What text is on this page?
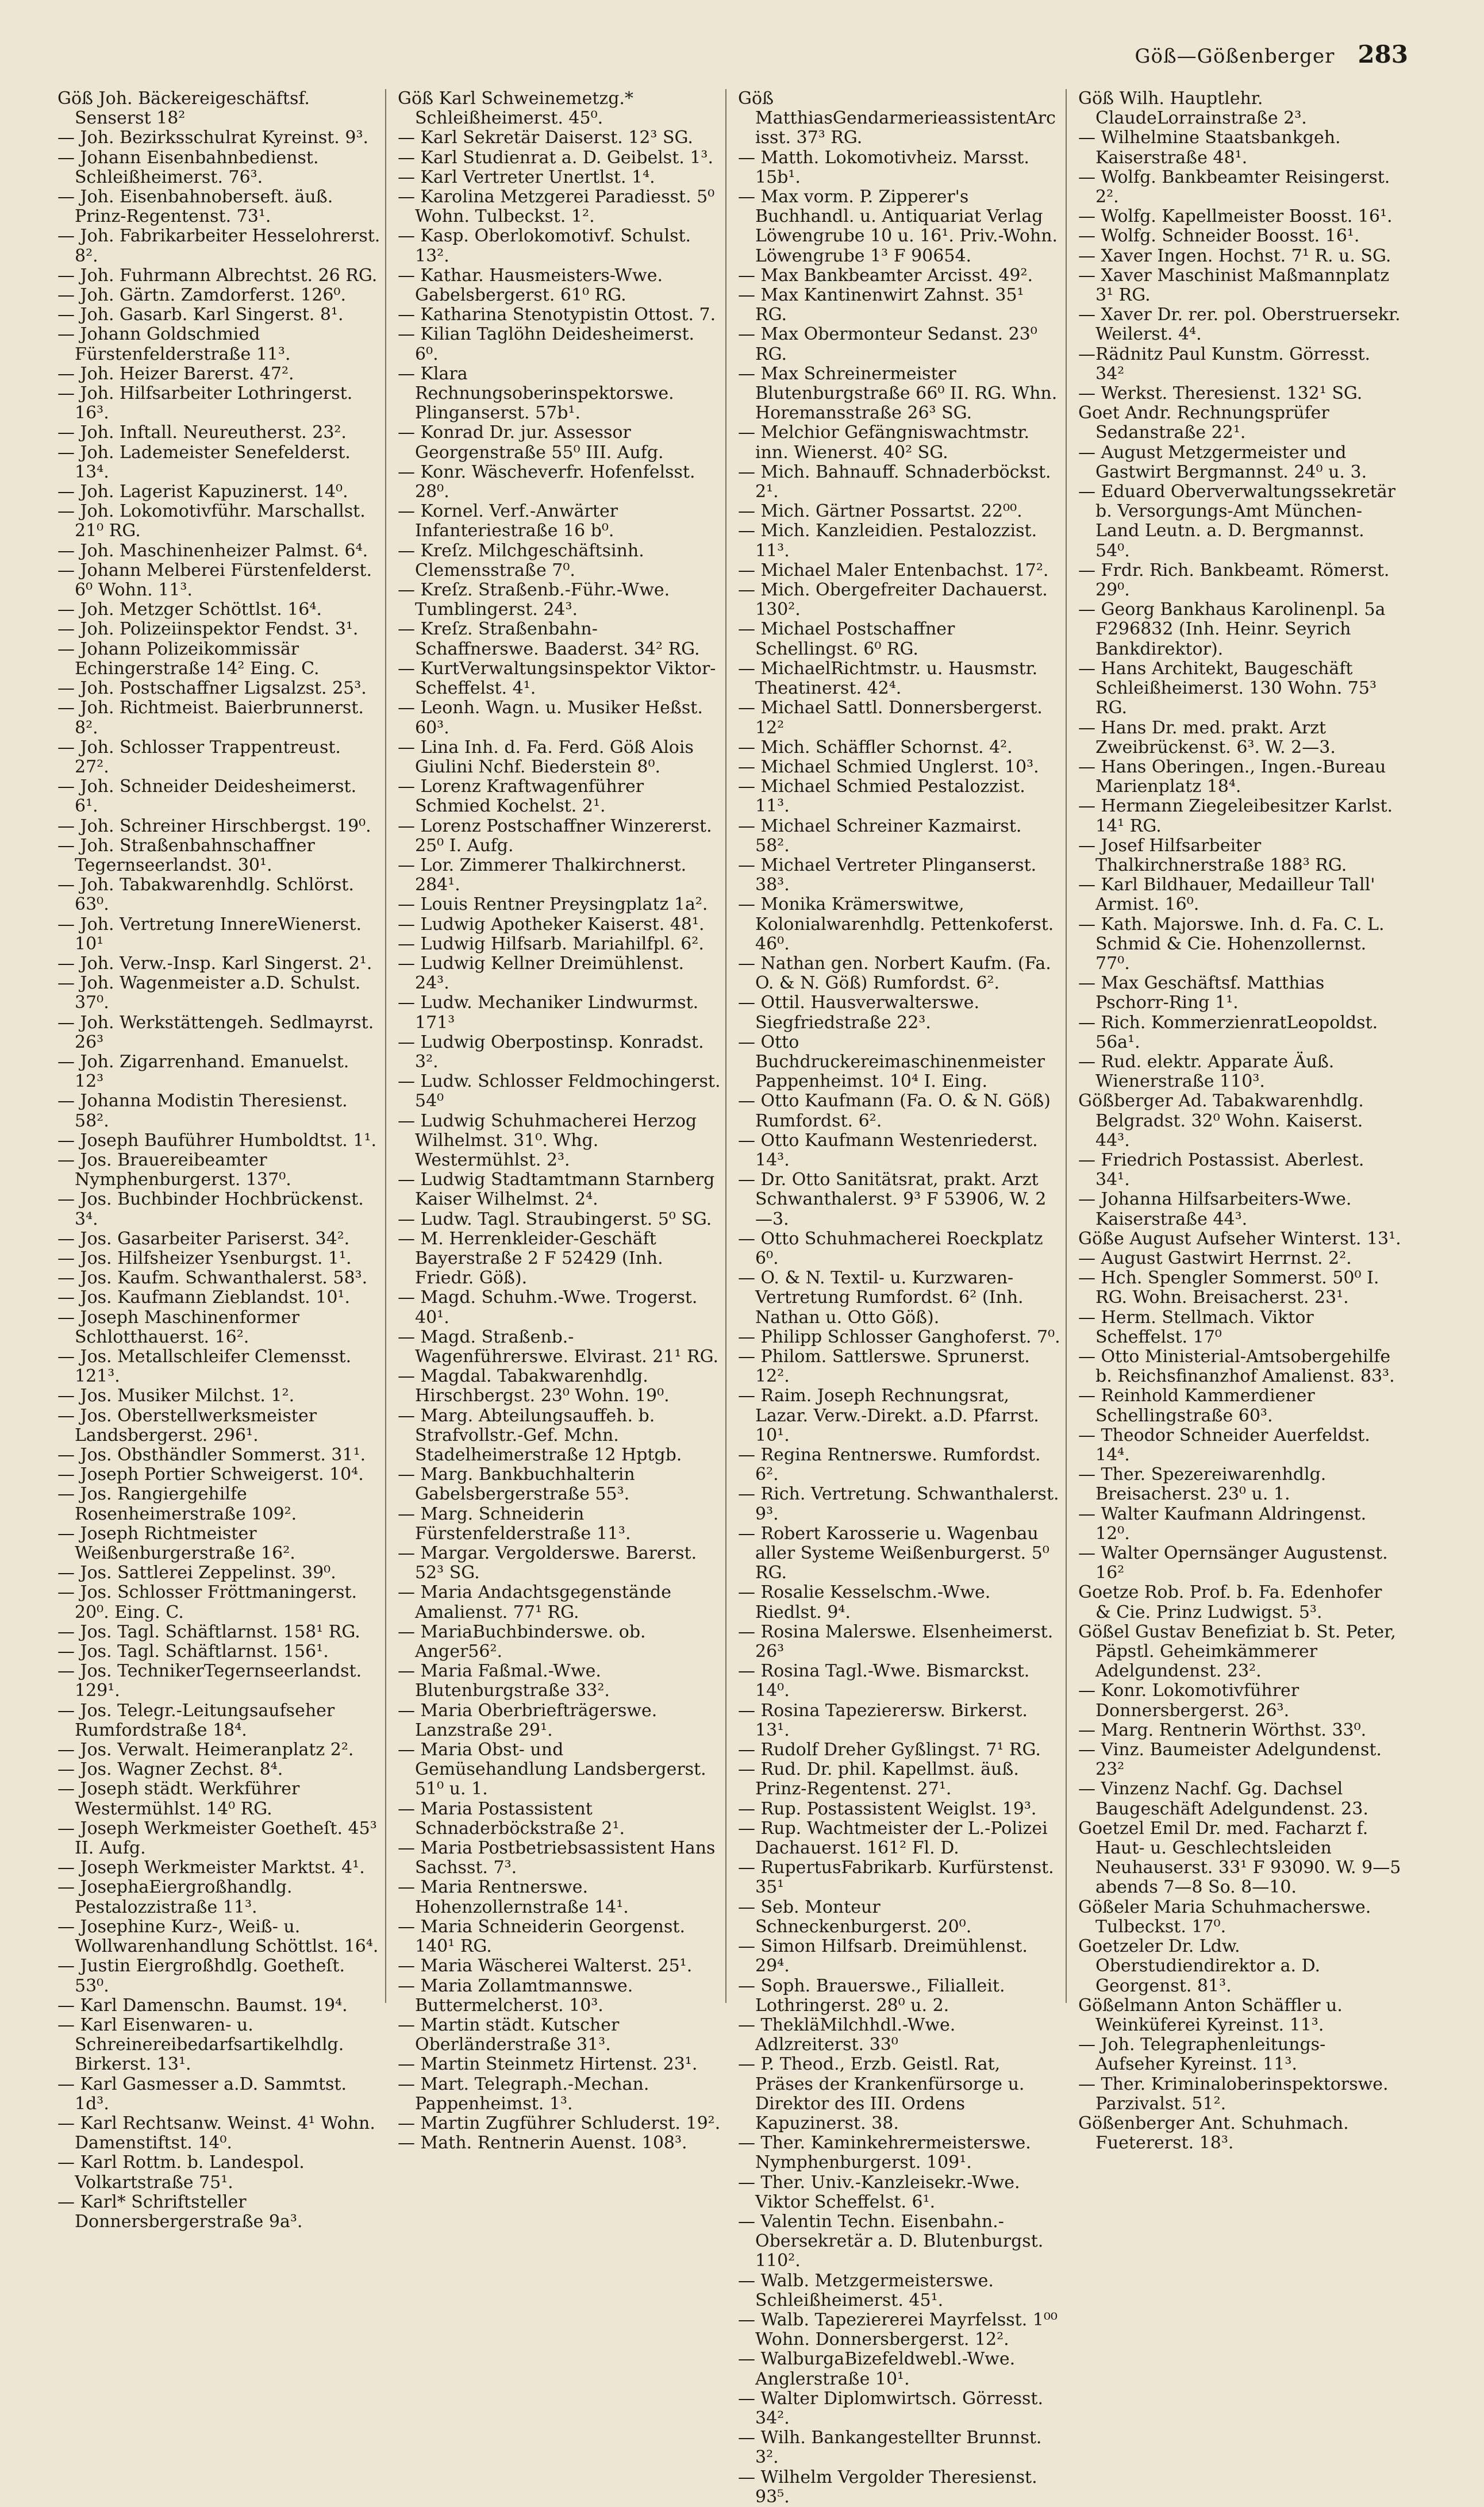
Göß—Gößenberger 283

Göß Joh. Bäckereigeschäftsf. Senserst 18²

— Joh. Bezirksschulrat Kyreinst. 9³.

— Johann Eisenbahnbedienst. Schleißheimerst. 76³.

— Joh. Eisenbahnoberseft. äuß. Prinz-Regentenst. 73¹.

— Joh. Fabrikarbeiter Hesselohrerst. 8².

— Joh. Fuhrmann Albrechtst. 26 RG.

— Joh. Gärtn. Zamdorferst. 126⁰.

— Joh. Gasarb. Karl Singerst. 8¹.

— Johann Goldschmied Fürstenfelderstraße 11³.

— Joh. Heizer Barerst. 47².

— Joh. Hilfsarbeiter Lothringerst. 16³.

— Joh. Inftall. Neureutherst. 23².

— Joh. Lademeister Senefelderst. 13⁴.

— Joh. Lagerist Kapuzinerst. 14⁰.

— Joh. Lokomotivführ. Marschallst. 21⁰ RG.

— Joh. Maschinenheizer Palmst. 6⁴.

— Johann Melberei Fürstenfelderst. 6⁰ Wohn. 11³.

— Joh. Metzger Schöttlst. 16⁴.

— Joh. Polizeiinspektor Fendst. 3¹.

— Johann Polizeikommissär Echingerstraße 14² Eing. C.

— Joh. Postschaffner Ligsalzst. 25³.

— Joh. Richtmeist. Baierbrunnerst. 8².

— Joh. Schlosser Trappentreust. 27².

— Joh. Schneider Deidesheimerst. 6¹.

— Joh. Schreiner Hirschbergst. 19⁰.

— Joh. Straßenbahnschaffner Tegernseerlandst. 30¹.

— Joh. Tabakwarenhdlg. Schlörst. 63⁰.

— Joh. Vertretung InnereWienerst. 10¹

— Joh. Verw.-Insp. Karl Singerst. 2¹.

— Joh. Wagenmeister a.D. Schulst. 37⁰.

— Joh. Werkstättengeh. Sedlmayrst. 26³

— Joh. Zigarrenhand. Emanuelst. 12³

— Johanna Modistin Theresienst. 58².

— Joseph Bauführer Humboldtst. 1¹.

— Jos. Brauereibeamter Nymphenburgerst. 137⁰.

— Jos. Buchbinder Hochbrückenst. 3⁴.

— Jos. Gasarbeiter Pariserst. 34².

— Jos. Hilfsheizer Ysenburgst. 1¹.

— Jos. Kaufm. Schwanthalerst. 58³.

— Jos. Kaufmann Zieblandst. 10¹.

— Joseph Maschinenformer Schlotthauerst. 16².

— Jos. Metallschleifer Clemensst. 121³.

— Jos. Musiker Milchst. 1².

— Jos. Oberstellwerksmeister Landsbergerst. 296¹.

— Jos. Obsthändler Sommerst. 31¹.

— Joseph Portier Schweigerst. 10⁴.

— Jos. Rangiergehilfe Rosenheimerstraße 109².

— Joseph Richtmeister Weißenburgerstraße 16².

— Jos. Sattlerei Zeppelinst. 39⁰.

— Jos. Schlosser Fröttmaningerst. 20⁰. Eing. C.

— Jos. Tagl. Schäftlarnst. 158¹ RG.

— Jos. Tagl. Schäftlarnst. 156¹.

— Jos. TechnikerTegernseerlandst. 129¹.

— Jos. Telegr.-Leitungsaufseher Rumfordstraße 18⁴.

— Jos. Verwalt. Heimeranplatz 2².

— Jos. Wagner Zechst. 8⁴.

— Joseph städt. Werkführer Westermühlst. 14⁰ RG.

— Joseph Werkmeister Goetheſt. 45³ II. Aufg.

— Joseph Werkmeister Marktst. 4¹.

— JosephaEiergroßhandlg. Pestalozzistraße 11³.

— Josephine Kurz-, Weiß- u. Wollwarenhandlung Schöttlst. 16⁴.

— Justin Eiergroßhdlg. Goetheſt. 53⁰.

— Karl Damenschn. Baumst. 19⁴.

— Karl Eisenwaren- u. Schreinereibedarfsartikelhdlg. Birkerst. 13¹.

— Karl Gasmesser a.D. Sammtst. 1d³.

— Karl Rechtsanw. Weinst. 4¹ Wohn. Damenstiftst. 14⁰.

— Karl Rottm. b. Landespol. Volkartstraße 75¹.

— Karl* Schriftsteller Donnersbergerstraße 9a³.

Göß Karl Schweinemetzg.* Schleißheimerst. 45⁰.

— Karl Sekretär Daiserst. 12³ SG.

— Karl Studienrat a. D. Geibelst. 1³.

— Karl Vertreter Unertlst. 1⁴.

— Karolina Metzgerei Paradiesst. 5⁰ Wohn. Tulbeckst. 1².

— Kasp. Oberlokomotivf. Schulst. 13².

— Kathar. Hausmeisters-Wwe. Gabelsbergerst. 61⁰ RG.

— Katharina Stenotypistin Ottost. 7.

— Kilian Taglöhn Deidesheimerst. 6⁰.

— Klara Rechnungsoberinspektorswe. Plinganserst. 57b¹.

— Konrad Dr. jur. Assessor Georgenstraße 55⁰ III. Aufg.

— Konr. Wäscheverfr. Hofenfelsst. 28⁰.

— Kornel. Verf.-Anwärter Infanteriestraße 16 b⁰.

— Kreſz. Milchgeschäftsinh. Clemensstraße 7⁰.

— Kreſz. Straßenb.-Führ.-Wwe. Tumblingerst. 24³.

— Kreſz. Straßenbahn-Schaffnerswe. Baaderst. 34² RG.

— KurtVerwaltungsinspektor Viktor-Scheffelst. 4¹.

— Leonh. Wagn. u. Musiker Heßst. 60³.

— Lina Inh. d. Fa. Ferd. Göß Alois Giulini Nchf. Biederstein 8⁰.

— Lorenz Kraftwagenführer Schmied Kochelst. 2¹.

— Lorenz Postschaffner Winzererst. 25⁰ I. Aufg.

— Lor. Zimmerer Thalkirchnerst. 284¹.

— Louis Rentner Preysingplatz 1a².

— Ludwig Apotheker Kaiserst. 48¹.

— Ludwig Hilfsarb. Mariahilfpl. 6².

— Ludwig Kellner Dreimühlenst. 24³.

— Ludw. Mechaniker Lindwurmst. 171³

— Ludwig Oberpostinsp. Konradst. 3².

— Ludw. Schlosser Feldmochingerst. 54⁰

— Ludwig Schuhmacherei Herzog Wilhelmst. 31⁰. Whg. Westermühlst. 2³.

— Ludwig Stadtamtmann Starnberg Kaiser Wilhelmst. 2⁴.

— Ludw. Tagl. Straubingerst. 5⁰ SG.

— M. Herrenkleider-Geschäft Bayerstraße 2 F 52429 (Inh. Friedr. Göß).

— Magd. Schuhm.-Wwe. Trogerst. 40¹.

— Magd. Straßenb.-Wagenführerswe. Elvirast. 21¹ RG.

— Magdal. Tabakwarenhdlg. Hirschbergst. 23⁰ Wohn. 19⁰.

— Marg. Abteilungsauffeh. b. Strafvollstr.-Gef. Mchn. Stadelheimerstraße 12 Hptgb.

— Marg. Bankbuchhalterin Gabelsbergerstraße 55³.

— Marg. Schneiderin Fürstenfelderstraße 11³.

— Margar. Vergolderswe. Barerst. 52³ SG.

— Maria Andachtsgegenstände Amalienst. 77¹ RG.

— MariaBuchbinderswe. ob. Anger56².

— Maria Faßmal.-Wwe. Blutenburgstraße 33².

— Maria Oberbriefträgerswe. Lanzstraße 29¹.

— Maria Obst- und Gemüsehandlung Landsbergerst. 51⁰ u. 1.

— Maria Postassistent Schnaderböckstraße 2¹.

— Maria Postbetriebsassistent Hans Sachsst. 7³.

— Maria Rentnerswe. Hohenzollernstraße 14¹.

— Maria Schneiderin Georgenst. 140¹ RG.

— Maria Wäscherei Walterst. 25¹.

— Maria Zollamtmannswe. Buttermelcherst. 10³.

— Martin städt. Kutscher Oberländerstraße 31³.

— Martin Steinmetz Hirtenst. 23¹.

— Mart. Telegraph.-Mechan. Pappenheimst. 1³.

— Martin Zugführer Schluderst. 19².

— Math. Rentnerin Auenst. 108³.

Göß MatthiasGendarmerieassistentArcisst. 37³ RG.

— Matth. Lokomotivheiz. Marsst. 15b¹.

— Max vorm. P. Zipperer's Buchhandl. u. Antiquariat Verlag Löwengrube 10 u. 16¹. Priv.-Wohn. Löwengrube 1³ F 90654.

— Max Bankbeamter Arcisst. 49².

— Max Kantinenwirt Zahnst. 35¹ RG.

— Max Obermonteur Sedanst. 23⁰ RG.

— Max Schreinermeister Blutenburgstraße 66⁰ II. RG. Whn. Horemansstraße 26³ SG.

— Melchior Gefängniswachtmstr. inn. Wienerst. 40² SG.

— Mich. Bahnauff. Schnaderböckst. 2¹.

— Mich. Gärtner Possartst. 22⁰⁰.

— Mich. Kanzleidien. Pestalozzist. 11³.

— Michael Maler Entenbachst. 17².

— Mich. Obergefreiter Dachauerst. 130².

— Michael Postschaffner Schellingst. 6⁰ RG.

— MichaelRichtmstr. u. Hausmstr. Theatinerst. 42⁴.

— Michael Sattl. Donnersbergerst. 12²

— Mich. Schäffler Schornst. 4².

— Michael Schmied Unglerst. 10³.

— Michael Schmied Pestalozzist. 11³.

— Michael Schreiner Kazmairst. 58².

— Michael Vertreter Plinganserst. 38³.

— Monika Krämerswitwe, Kolonialwarenhdlg. Pettenkoferst. 46⁰.

— Nathan gen. Norbert Kaufm. (Fa. O. & N. Göß) Rumfordst. 6².

— Ottil. Hausverwalterswe. Siegfriedstraße 22³.

— Otto Buchdruckereimaschinenmeister Pappenheimst. 10⁴ I. Eing.

— Otto Kaufmann (Fa. O. & N. Göß) Rumfordst. 6².

— Otto Kaufmann Westenriederst. 14³.

— Dr. Otto Sanitätsrat, prakt. Arzt Schwanthalerst. 9³ F 53906, W. 2—3.

— Otto Schuhmacherei Roeckplatz 6⁰.

— O. & N. Textil- u. Kurzwaren-Vertretung Rumfordst. 6² (Inh. Nathan u. Otto Göß).

— Philipp Schlosser Ganghoferst. 7⁰.

— Philom. Sattlerswe. Sprunerst. 12².

— Raim. Joseph Rechnungsrat, Lazar. Verw.-Direkt. a.D. Pfarrst. 10¹.

— Regina Rentnerswe. Rumfordst. 6².

— Rich. Vertretung. Schwanthalerst. 9³.

— Robert Karosserie u. Wagenbau aller Systeme Weißenburgerst. 5⁰ RG.

— Rosalie Kesselschm.-Wwe. Riedlst. 9⁴.

— Rosina Malerswe. Elsenheimerst. 26³

— Rosina Tagl.-Wwe. Bismarckst. 14⁰.

— Rosina Tapezierersw. Birkerst. 13¹.

— Rudolf Dreher Gyßlingst. 7¹ RG.

— Rud. Dr. phil. Kapellmst. äuß. Prinz-Regentenst. 27¹.

— Rup. Postassistent Weiglst. 19³.

— Rup. Wachtmeister der L.-Polizei Dachauerst. 161² Fl. D.

— RupertusFabrikarb. Kurfürstenst. 35¹

— Seb. Monteur Schneckenburgerst. 20⁰.

— Simon Hilfsarb. Dreimühlenst. 29⁴.

— Soph. Brauerswe., Filialleit. Lothringerst. 28⁰ u. 2.

— ThekläMilchhdl.-Wwe. Adlzreiterst. 33⁰

— P. Theod., Erzb. Geistl. Rat, Präses der Krankenfürsorge u. Direktor des III. Ordens Kapuzinerst. 38.

— Ther. Kaminkehrermeisterswe. Nymphenburgerst. 109¹.

— Ther. Univ.-Kanzleisekr.-Wwe. Viktor Scheffelst. 6¹.

— Valentin Techn. Eisenbahn.-Obersekretär a. D. Blutenburgst. 110².

— Walb. Metzgermeisterswe. Schleißheimerst. 45¹.

— Walb. Tapeziererei Mayrfelsst. 1⁰⁰ Wohn. Donnersbergerst. 12².

— WalburgaBizefeldwebl.-Wwe. Anglerstraße 10¹.

— Walter Diplomwirtsch. Görresst. 34².

— Wilh. Bankangestellter Brunnst. 3².

— Wilhelm Vergolder Theresienst. 93⁵.

Göß Wilh. Hauptlehr. ClaudeLorrainstraße 2³.

— Wilhelmine Staatsbankgeh. Kaiserstraße 48¹.

— Wolfg. Bankbeamter Reisingerst. 2².

— Wolfg. Kapellmeister Boosst. 16¹.

— Wolfg. Schneider Boosst. 16¹.

— Xaver Ingen. Hochst. 7¹ R. u. SG.

— Xaver Maschinist Maßmannplatz 3¹ RG.

— Xaver Dr. rer. pol. Oberstruersekr. Weilerst. 4⁴.

—Rädnitz Paul Kunstm. Görresst. 34²

— Werkst. Theresienst. 132¹ SG.

Goet Andr. Rechnungsprüfer Sedanstraße 22¹.

— August Metzgermeister und Gastwirt Bergmannst. 24⁰ u. 3.

— Eduard Oberverwaltungssekretär b. Versorgungs-Amt München-Land Leutn. a. D. Bergmannst. 54⁰.

— Frdr. Rich. Bankbeamt. Römerst. 29⁰.

— Georg Bankhaus Karolinenpl. 5a F296832 (Inh. Heinr. Seyrich Bankdirektor).

— Hans Architekt, Baugeschäft Schleißheimerst. 130 Wohn. 75³ RG.

— Hans Dr. med. prakt. Arzt Zweibrückenst. 6³. W. 2—3.

— Hans Oberingen., Ingen.-Bureau Marienplatz 18⁴.

— Hermann Ziegeleibesitzer Karlst. 14¹ RG.

— Josef Hilfsarbeiter Thalkirchnerstraße 188³ RG.

— Karl Bildhauer, Medailleur Tall' Armist. 16⁰.

— Kath. Majorswe. Inh. d. Fa. C. L. Schmid & Cie. Hohenzollernst. 77⁰.

— Max Geschäftsf. Matthias Pschorr-Ring 1¹.

— Rich. KommerzienratLeopoldst. 56a¹.

— Rud. elektr. Apparate Äuß. Wienerstraße 110³.

Gößberger Ad. Tabakwarenhdlg. Belgradst. 32⁰ Wohn. Kaiserst. 44³.

— Friedrich Postassist. Aberlest. 34¹.

— Johanna Hilfsarbeiters-Wwe. Kaiserstraße 44³.

Göße August Aufseher Winterst. 13¹.

— August Gastwirt Herrnst. 2².

— Hch. Spengler Sommerst. 50⁰ I. RG. Wohn. Breisacherst. 23¹.

— Herm. Stellmach. Viktor Scheffelst. 17⁰

— Otto Ministerial-Amtsobergehilfe b. Reichsfinanzhof Amalienst. 83³.

— Reinhold Kammerdiener Schellingstraße 60³.

— Theodor Schneider Auerfeldst. 14⁴.

— Ther. Spezereiwarenhdlg. Breisacherst. 23⁰ u. 1.

— Walter Kaufmann Aldringenst. 12⁰.

— Walter Opernsänger Augustenst. 16²

Goetze Rob. Prof. b. Fa. Edenhofer & Cie. Prinz Ludwigst. 5³.

Gößel Gustav Benefiziat b. St. Peter, Päpstl. Geheimkämmerer Adelgundenst. 23².

— Konr. Lokomotivführer Donnersbergerst. 26³.

— Marg. Rentnerin Wörthst. 33⁰.

— Vinz. Baumeister Adelgundenst. 23²

— Vinzenz Nachf. Gg. Dachsel Baugeschäft Adelgundenst. 23.

Goetzel Emil Dr. med. Facharzt f. Haut- u. Geschlechtsleiden Neuhauserst. 33¹ F 93090. W. 9—5 abends 7—8 So. 8—10.

Gößeler Maria Schuhmacherswe. Tulbeckst. 17⁰.

Goetzeler Dr. Ldw. Oberstudiendirektor a. D. Georgenst. 81³.

Gößelmann Anton Schäffler u. Weinküferei Kyreinst. 11³.

— Joh. Telegraphenleitungs-Aufseher Kyreinst. 11³.

— Ther. Kriminaloberinspektorswe. Parzivalst. 51².

Gößenberger Ant. Schuhmach. Fuetererst. 18³.
